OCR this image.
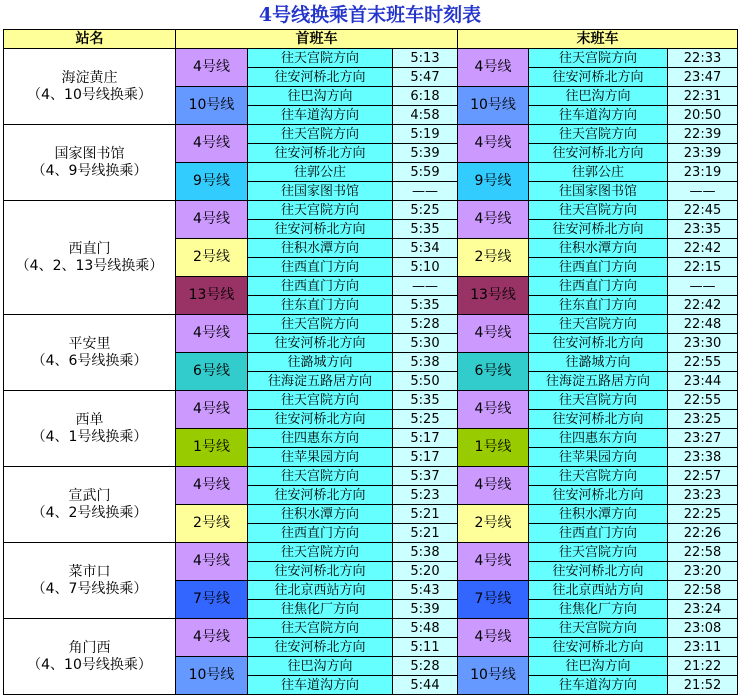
4号线换乘首末班车时刻表
站名	首班车			末班车		

海淀黄庄
（4、10号线换乘）	4号线	往天宫院方向	5:13	4号线	往天宫院方向	22:33
		往安河桥北方向	5:47		往安河桥北方向	23:47
	10号线	往巴沟方向	6:18	10号线	往巴沟方向	22:31
		往车道沟方向	4:58		往车道沟方向	20:50

国家图书馆
（4、9号线换乘）	4号线	往天宫院方向	5:19	4号线	往天宫院方向	22:39
		往安河桥北方向	5:39		往安河桥北方向	23:39
	9号线	往郭公庄	5:59	9号线	往郭公庄	23:19
		往国家图书馆	——		往国家图书馆	——

西直门
（4、2、13号线换乘）	4号线	往天宫院方向	5:25	4号线	往天宫院方向	22:45
		往安河桥北方向	5:35		往安河桥北方向	23:35
	2号线	往积水潭方向	5:34	2号线	往积水潭方向	22:42
		往西直门方向	5:10		往西直门方向	22:15
	13号线	往西直门方向	——	13号线	往西直门方向	——
		往东直门方向	5:35		往东直门方向	22:42

平安里
（4、6号线换乘）	4号线	往天宫院方向	5:28	4号线	往天宫院方向	22:48
		往安河桥北方向	5:30		往安河桥北方向	23:30
	6号线	往潞城方向	5:38	6号线	往潞城方向	22:55
		往海淀五路居方向	5:50		往海淀五路居方向	23:44

西单
（4、1号线换乘）	4号线	往天宫院方向	5:35	4号线	往天宫院方向	22:55
		往安河桥北方向	5:25		往安河桥北方向	23:25
	1号线	往四惠东方向	5:17	1号线	往四惠东方向	23:27
		往苹果园方向	5:17		往苹果园方向	23:38

宣武门
（4、2号线换乘）	4号线	往天宫院方向	5:37	4号线	往天宫院方向	22:57
		往安河桥北方向	5:23		往安河桥北方向	23:23
	2号线	往积水潭方向	5:21	2号线	往积水潭方向	22:25
		往西直门方向	5:21		往西直门方向	22:26

菜市口
（4、7号线换乘）	4号线	往天宫院方向	5:38	4号线	往天宫院方向	22:58
		往安河桥北方向	5:20		往安河桥北方向	23:20
	7号线	往北京西站方向	5:43	7号线	往北京西站方向	22:58
		往焦化厂方向	5:39		往焦化厂方向	23:24

角门西
（4、10号线换乘）	4号线	往天宫院方向	5:48	4号线	往天宫院方向	23:08
		往安河桥北方向	5:11		往安河桥北方向	23:11
	10号线	往巴沟方向	5:28	10号线	往巴沟方向	21:22
		往车道沟方向	5:44		往车道沟方向	21:52
